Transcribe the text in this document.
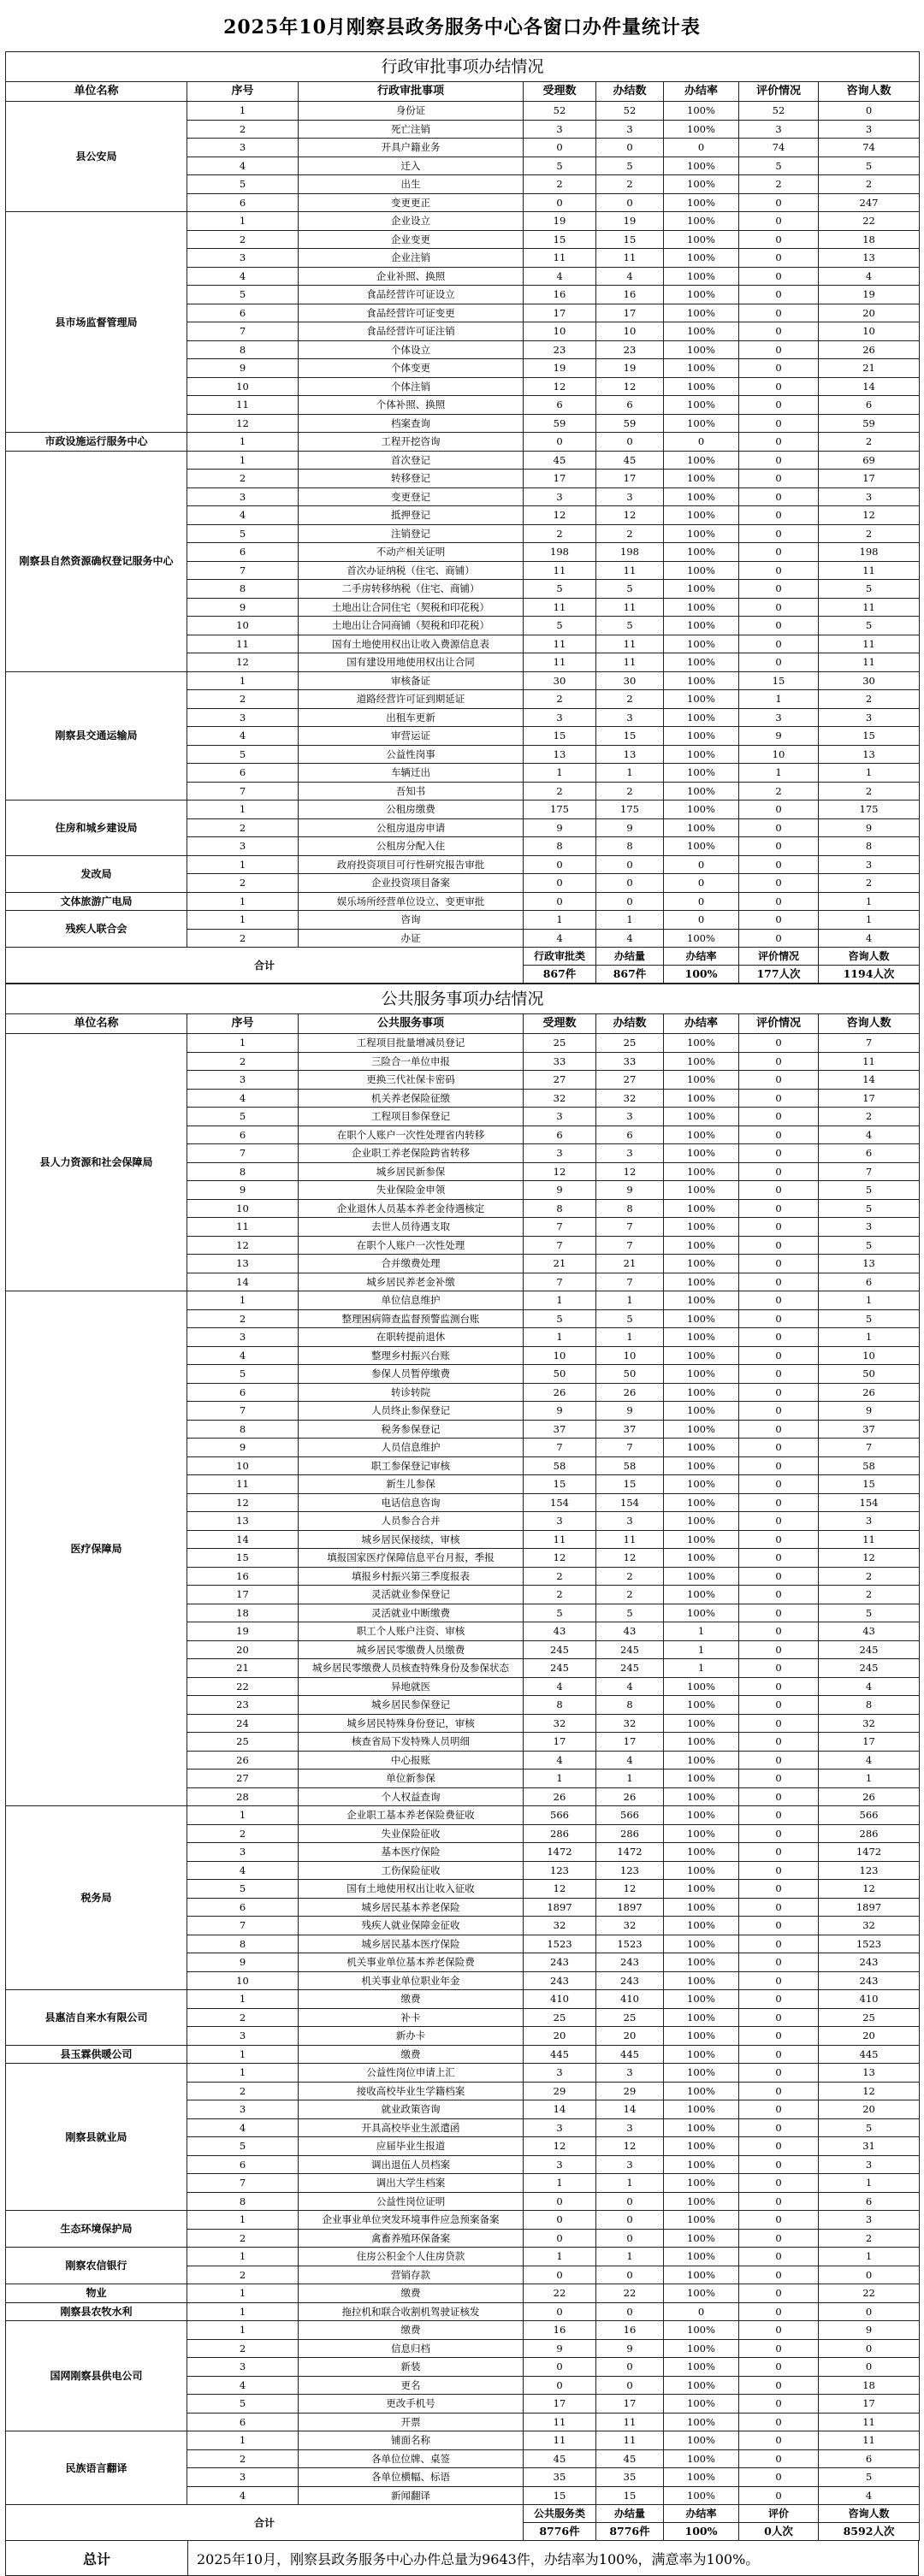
2025年10月刚察县政务服务中心各窗口办件量统计表
行政审批事项办结情况							
单位名称	序号	行政审批事项	受理数	办结数	办结率	评价情况	咨询人数
县公安局	1	身份证	52	52	100%	52	0
	2	死亡注销	3	3	100%	3	3
	3	开具户籍业务	0	0	0	74	74
	4	迁入	5	5	100%	5	5
	5	出生	2	2	100%	2	2
	6	变更更正	0	0	100%	0	247
县市场监督管理局	1	企业设立	19	19	100%	0	22
	2	企业变更	15	15	100%	0	18
	3	企业注销	11	11	100%	0	13
	4	企业补照、换照	4	4	100%	0	4
	5	食品经营许可证设立	16	16	100%	0	19
	6	食品经营许可证变更	17	17	100%	0	20
	7	食品经营许可证注销	10	10	100%	0	10
	8	个体设立	23	23	100%	0	26
	9	个体变更	19	19	100%	0	21
	10	个体注销	12	12	100%	0	14
	11	个体补照、换照	6	6	100%	0	6
	12	档案查询	59	59	100%	0	59
市政设施运行服务中心	1	工程开挖咨询	0	0	0	0	2
刚察县自然资源确权登记服务中心	1	首次登记	45	45	100%	0	69
	2	转移登记	17	17	100%	0	17
	3	变更登记	3	3	100%	0	3
	4	抵押登记	12	12	100%	0	12
	5	注销登记	2	2	100%	0	2
	6	不动产相关证明	198	198	100%	0	198
	7	首次办证纳税（住宅、商铺）	11	11	100%	0	11
	8	二手房转移纳税（住宅、商铺）	5	5	100%	0	5
	9	土地出让合同住宅（契税和印花税）	11	11	100%	0	11
	10	土地出让合同商铺（契税和印花税）	5	5	100%	0	5
	11	国有土地使用权出让收入费源信息表	11	11	100%	0	11
	12	国有建设用地使用权出让合同	11	11	100%	0	11
刚察县交通运输局	1	审核备证	30	30	100%	15	30
	2	道路经营许可证到期延证	2	2	100%	1	2
	3	出租车更新	3	3	100%	3	3
	4	审营运证	15	15	100%	9	15
	5	公益性岗事	13	13	100%	10	13
	6	车辆迁出	1	1	100%	1	1
	7	吾知书	2	2	100%	2	2
住房和城乡建设局	1	公租房缴费	175	175	100%	0	175
	2	公租房退房申请	9	9	100%	0	9
	3	公租房分配入住	8	8	100%	0	8
发改局	1	政府投资项目可行性研究报告审批	0	0	0	0	3
	2	企业投资项目备案	0	0	0	0	2
文体旅游广电局	1	娱乐场所经营单位设立、变更审批	0	0	0	0	1
残疾人联合会	1	咨询	1	1	0	0	1
	2	办证	4	4	100%	0	4
合计			行政审批类	办结量	办结率	评价情况	咨询人数
			867件	867件	100%	177人次	1194人次
公共服务事项办结情况							
单位名称	序号	公共服务事项	受理数	办结数	办结率	评价情况	咨询人数
县人力资源和社会保障局	1	工程项目批量增减员登记	25	25	100%	0	7
	2	三险合一单位申报	33	33	100%	0	11
	3	更换三代社保卡密码	27	27	100%	0	14
	4	机关养老保险征缴	32	32	100%	0	17
	5	工程项目参保登记	3	3	100%	0	2
	6	在职个人账户一次性处理省内转移	6	6	100%	0	4
	7	企业职工养老保险跨省转移	3	3	100%	0	6
	8	城乡居民新参保	12	12	100%	0	7
	9	失业保险金申领	9	9	100%	0	5
	10	企业退休人员基本养老金待遇核定	8	8	100%	0	5
	11	去世人员待遇支取	7	7	100%	0	3
	12	在职个人账户一次性处理	7	7	100%	0	5
	13	合并缴费处理	21	21	100%	0	13
	14	城乡居民养老金补缴	7	7	100%	0	6
医疗保障局	1	单位信息维护	1	1	100%	0	1
	2	整理困病筛查监督预警监测台账	5	5	100%	0	5
	3	在职转提前退休	1	1	100%	0	1
	4	整理乡村振兴台账	10	10	100%	0	10
	5	参保人员暂停缴费	50	50	100%	0	50
	6	转诊转院	26	26	100%	0	26
	7	人员终止参保登记	9	9	100%	0	9
	8	税务参保登记	37	37	100%	0	37
	9	人员信息维护	7	7	100%	0	7
	10	职工参保登记审核	58	58	100%	0	58
	11	新生儿参保	15	15	100%	0	15
	12	电话信息咨询	154	154	100%	0	154
	13	人员参合合并	3	3	100%	0	3
	14	城乡居民保接续，审核	11	11	100%	0	11
	15	填报国家医疗保障信息平台月报，季报	12	12	100%	0	12
	16	填报乡村振兴第三季度报表	2	2	100%	0	2
	17	灵活就业参保登记	2	2	100%	0	2
	18	灵活就业中断缴费	5	5	100%	0	5
	19	职工个人账户注资、审核	43	43	1	0	43
	20	城乡居民零缴费人员缴费	245	245	1	0	245
	21	城乡居民零缴费人员核查特殊身份及参保状态	245	245	1	0	245
	22	异地就医	4	4	100%	0	4
	23	城乡居民参保登记	8	8	100%	0	8
	24	城乡居民特殊身份登记，审核	32	32	100%	0	32
	25	核查省局下发特殊人员明细	17	17	100%	0	17
	26	中心报账	4	4	100%	0	4
	27	单位新参保	1	1	100%	0	1
	28	个人权益查询	26	26	100%	0	26
税务局	1	企业职工基本养老保险费征收	566	566	100%	0	566
	2	失业保险征收	286	286	100%	0	286
	3	基本医疗保险	1472	1472	100%	0	1472
	4	工伤保险征收	123	123	100%	0	123
	5	国有土地使用权出让收入征收	12	12	100%	0	12
	6	城乡居民基本养老保险	1897	1897	100%	0	1897
	7	残疾人就业保障金征收	32	32	100%	0	32
	8	城乡居民基本医疗保险	1523	1523	100%	0	1523
	9	机关事业单位基本养老保险费	243	243	100%	0	243
	10	机关事业单位职业年金	243	243	100%	0	243
县惠洁自来水有限公司	1	缴费	410	410	100%	0	410
	2	补卡	25	25	100%	0	25
	3	新办卡	20	20	100%	0	20
县玉霖供暖公司	1	缴费	445	445	100%	0	445
刚察县就业局	1	公益性岗位申请上汇	3	3	100%	0	13
	2	接收高校毕业生学籍档案	29	29	100%	0	12
	3	就业政策咨询	14	14	100%	0	20
	4	开具高校毕业生派遣函	3	3	100%	0	5
	5	应届毕业生报道	12	12	100%	0	31
	6	调出退伍人员档案	3	3	100%	0	3
	7	调出大学生档案	1	1	100%	0	1
	8	公益性岗位证明	0	0	100%	0	6
生态环境保护局	1	企业事业单位突发环境事件应急预案备案	0	0	100%	0	3
	2	禽畜养殖环保备案	0	0	100%	0	2
刚察农信银行	1	住房公积金个人住房贷款	1	1	100%	0	1
	2	营销存款	0	0	100%	0	0
物业	1	缴费	22	22	100%	0	22
刚察县农牧水利	1	拖拉机和联合收割机驾驶证核发	0	0	0	0	0
国网刚察县供电公司	1	缴费	16	16	100%	0	9
	2	信息归档	9	9	100%	0	0
	3	新装	0	0	100%	0	0
	4	更名	0	0	100%	0	18
	5	更改手机号	17	17	100%	0	17
	6	开票	11	11	100%	0	11
民族语言翻译	1	铺面名称	11	11	100%	0	11
	2	各单位位牌、桌签	45	45	100%	0	6
	3	各单位横幅、标语	35	35	100%	0	5
	4	新闻翻译	15	15	100%	0	4
合计			公共服务类	办结量	办结率	评价	咨询人数
			8776件	8776件	100%	0人次	8592人次
总计	2025年10月，刚察县政务服务中心办件总量为9643件，办结率为100%，满意率为100%。
